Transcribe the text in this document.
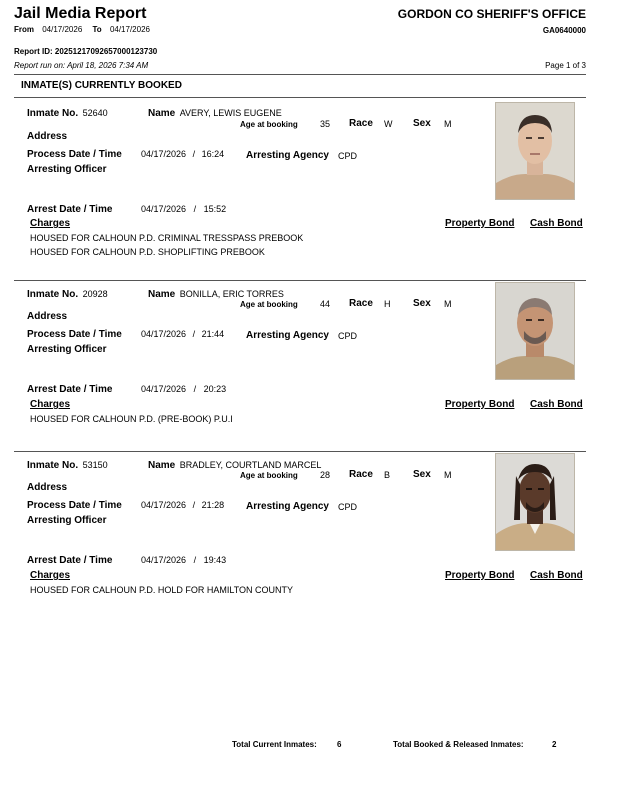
Jail Media Report	GORDON CO SHERIFF'S OFFICE
GA0640000
From 04/17/2026 To 04/17/2026
Report ID: 20251217092657000123730
Report run on: April 18, 2026 7:34 AM	Page 1 of 3
INMATE(S) CURRENTLY BOOKED
Inmate No. 52640	Name AVERY, LEWIS EUGENE
Age at booking 35 Race W Sex M
Address
Process Date / Time 04/17/2026 / 16:24 Arresting Agency CPD
Arresting Officer
Arrest Date / Time	04/17/2026 / 15:52
Charges	Property Bond Cash Bond
HOUSED FOR CALHOUN P.D. CRIMINAL TRESSPASS PREBOOK
HOUSED FOR CALHOUN P.D. SHOPLIFTING PREBOOK
Inmate No. 20928	Name BONILLA, ERIC TORRES
Age at booking 44 Race H Sex M
Address
Process Date / Time 04/17/2026 / 21:44 Arresting Agency CPD
Arresting Officer
Arrest Date / Time	04/17/2026 / 20:23
Charges	Property Bond Cash Bond
HOUSED FOR CALHOUN P.D. (PRE-BOOK) P.U.I
Inmate No. 53150	Name BRADLEY, COURTLAND MARCEL
Age at booking 28 Race B Sex M
Address
Process Date / Time 04/17/2026 / 21:28 Arresting Agency CPD
Arresting Officer
Arrest Date / Time	04/17/2026 / 19:43
Charges	Property Bond Cash Bond
HOUSED FOR CALHOUN P.D. HOLD FOR HAMILTON COUNTY
Total Current Inmates:	6	Total Booked & Released Inmates:	2
